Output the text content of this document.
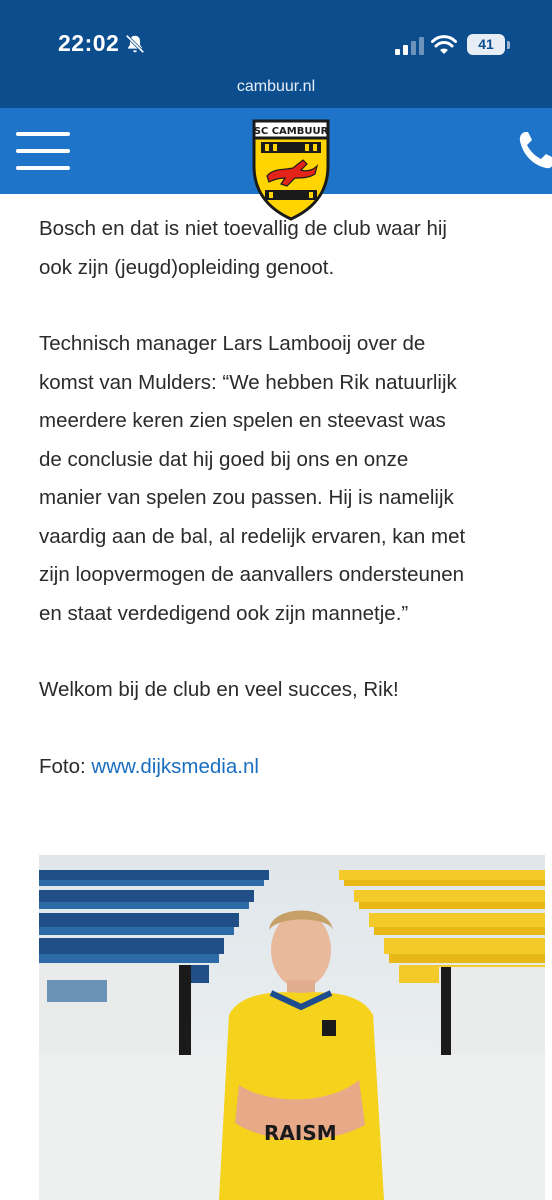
22:02	41
cambuur.nl
SC CAMBUUR

Bosch en dat is niet toevallig de club waar hij
ook zijn (jeugd)opleiding genoot.

Technisch manager Lars Lambooij over de
komst van Mulders: “We hebben Rik natuurlijk
meerdere keren zien spelen en steevast was
de conclusie dat hij goed bij ons en onze
manier van spelen zou passen. Hij is namelijk
vaardig aan de bal, al redelijk ervaren, kan met
zijn loopvermogen de aanvallers ondersteunen
en staat verdedigend ook zijn mannetje.”

Welkom bij de club en veel succes, Rik!

Foto: www.dijksmedia.nl

RAISM
